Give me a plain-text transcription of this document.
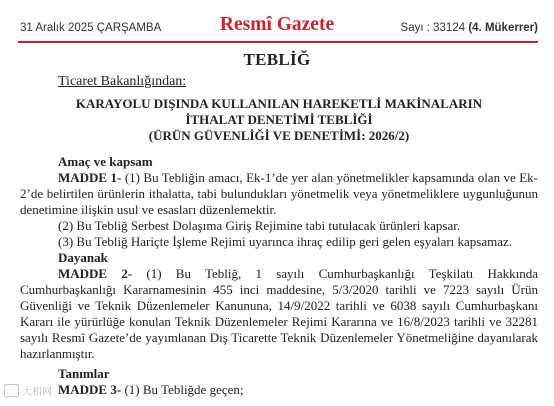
31 Aralık 2025 ÇARŞAMBA	Resmî Gazete	Sayı : 33124 (4. Mükerrer)
TEBLİĞ
Ticaret Bakanlığından:
KARAYOLU DIŞINDA KULLANILAN HAREKETLİ MAKİNALARIN
İTHALAT DENETİMİ TEBLİĞİ
(ÜRÜN GÜVENLİĞİ VE DENETİMİ: 2026/2)
Amaç ve kapsam

MADDE 1- (1) Bu Tebliğin amacı, Ek-1’de yer alan yönetmelikler kapsamında olan ve Ek-2’de belirtilen ürünlerin ithalatta, tabi bulundukları yönetmelik veya yönetmeliklere uygunluğunun denetimine ilişkin usul ve esasları düzenlemektir.

(2) Bu Tebliğ Serbest Dolaşıma Giriş Rejimine tabi tutulacak ürünleri kapsar.
(3) Bu Tebliğ Hariçte İşleme Rejimi uyarınca ihraç edilip geri gelen eşyaları kapsamaz.
Dayanak

MADDE 2- (1) Bu Tebliğ, 1 sayılı Cumhurbaşkanlığı Teşkilatı Hakkında Cumhurbaşkanlığı Kararnamesinin 455 inci maddesine, 5/3/2020 tarihli ve 7223 sayılı Ürün Güvenliği ve Teknik Düzenlemeler Kanununa, 14/9/2022 tarihli ve 6038 sayılı Cumhurbaşkanı Kararı ile yürürlüğe konulan Teknik Düzenlemeler Rejimi Kararına ve 16/8/2023 tarihli ve 32281 sayılı Resmî Gazete’de yayımlanan Dış Ticarette Teknik Düzenlemeler Yönetmeliğine dayanılarak hazırlanmıştır.

Tanımlar

MADDE 3- (1) Bu Tebliğde geçen;

大相网
